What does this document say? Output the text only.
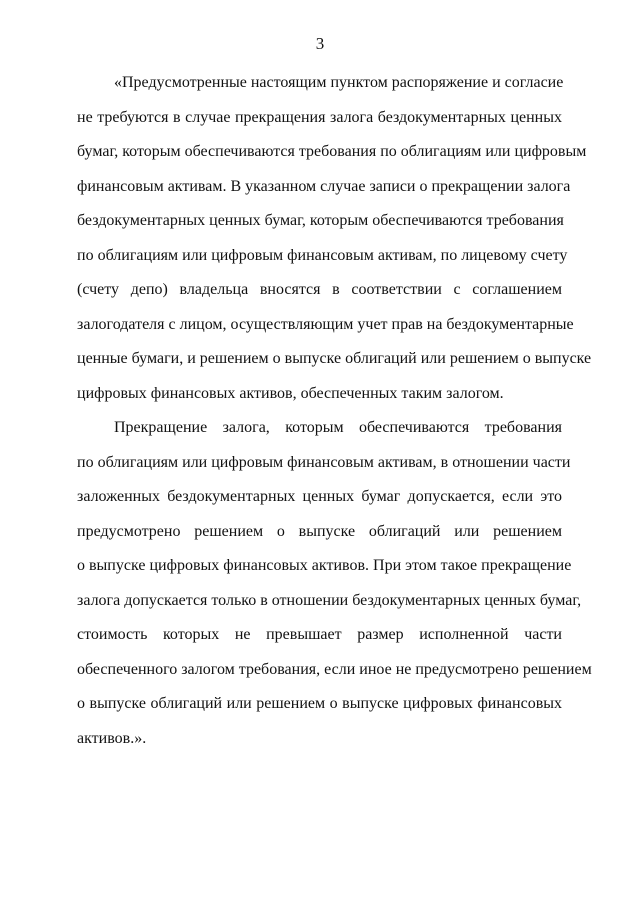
3
«Предусмотренные настоящим пунктом распоряжение и согласие
не требуются в случае прекращения залога бездокументарных ценных
бумаг, которым обеспечиваются требования по облигациям или цифровым
финансовым активам. В указанном случае записи о прекращении залога
бездокументарных ценных бумаг, которым обеспечиваются требования
по облигациям или цифровым финансовым активам, по лицевому счету
(счету депо) владельца вносятся в соответствии с соглашением
залогодателя с лицом, осуществляющим учет прав на бездокументарные
ценные бумаги, и решением о выпуске облигаций или решением о выпуске
цифровых финансовых активов, обеспеченных таким залогом.
Прекращение залога, которым обеспечиваются требования
по облигациям или цифровым финансовым активам, в отношении части
заложенных бездокументарных ценных бумаг допускается, если это
предусмотрено решением о выпуске облигаций или решением
о выпуске цифровых финансовых активов. При этом такое прекращение
залога допускается только в отношении бездокументарных ценных бумаг,
стоимость которых не превышает размер исполненной части
обеспеченного залогом требования, если иное не предусмотрено решением
о выпуске облигаций или решением о выпуске цифровых финансовых
активов.».
